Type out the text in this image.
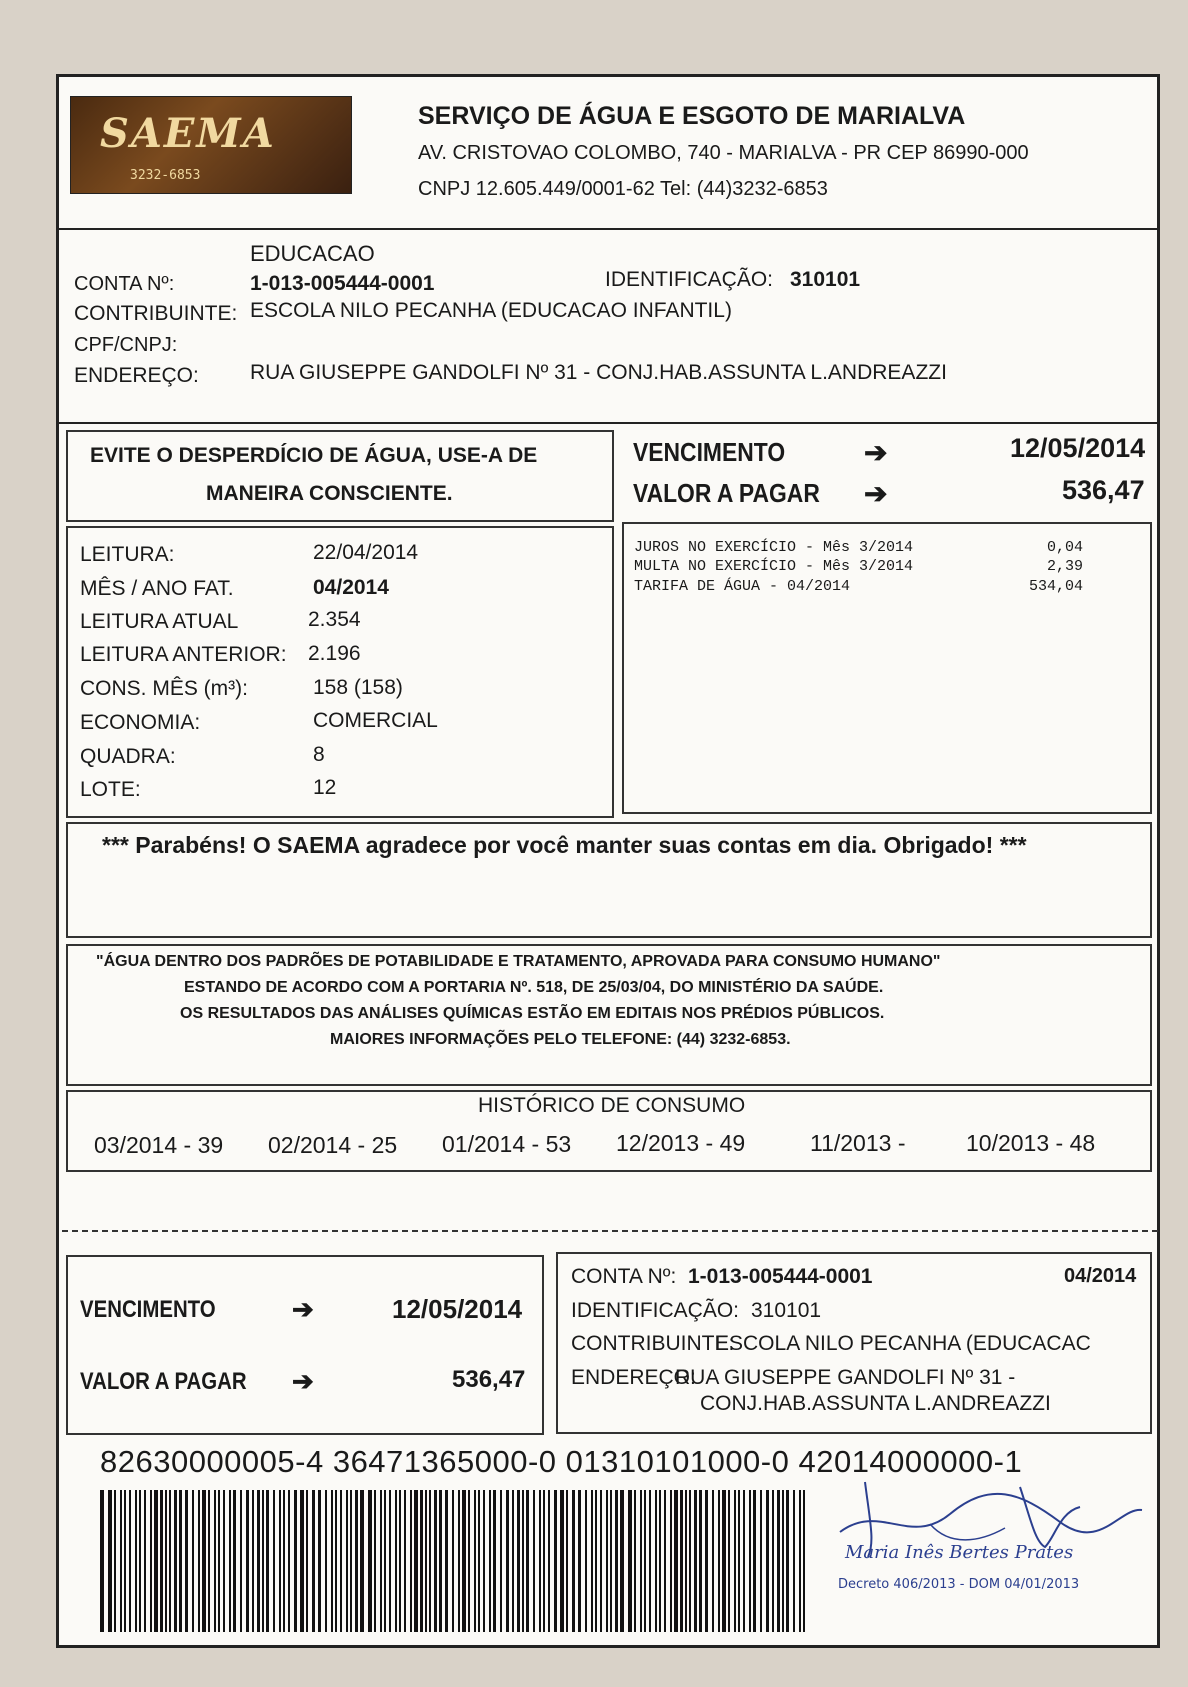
SAEMA
3232-6853
SERVIÇO DE ÁGUA E ESGOTO DE MARIALVA
AV. CRISTOVAO COLOMBO, 740 - MARIALVA - PR CEP 86990-000
CNPJ 12.605.449/0001-62 Tel: (44)3232-6853
EDUCACAO
CONTA Nº:	1-013-005444-0001	IDENTIFICAÇÃO: 310101
CONTRIBUINTE: ESCOLA NILO PECANHA (EDUCACAO INFANTIL)
CPF/CNPJ:
ENDEREÇO: RUA GIUSEPPE GANDOLFI Nº 31 - CONJ.HAB.ASSUNTA L.ANDREAZZI
EVITE O DESPERDÍCIO DE ÁGUA, USE-A DE
MANEIRA CONSCIENTE.
VENCIMENTO	➔	12/05/2014
VALOR A PAGAR ➔	536,47
LEITURA:	22/04/2014
MÊS / ANO FAT.	04/2014
LEITURA ATUAL	2.354
LEITURA ANTERIOR: 2.196
CONS. MÊS (m³):	158 (158)
ECONOMIA:	COMERCIAL
QUADRA:	8
LOTE:	12
JUROS NO EXERCÍCIO - Mês 3/2014	0,04
MULTA NO EXERCÍCIO - Mês 3/2014	2,39
TARIFA DE ÁGUA - 04/2014	534,04
*** Parabéns! O SAEMA agradece por você manter suas contas em dia. Obrigado! ***
"ÁGUA DENTRO DOS PADRÕES DE POTABILIDADE E TRATAMENTO, APROVADA PARA CONSUMO HUMANO"
ESTANDO DE ACORDO COM A PORTARIA Nº. 518, DE 25/03/04, DO MINISTÉRIO DA SAÚDE.
OS RESULTADOS DAS ANÁLISES QUÍMICAS ESTÃO EM EDITAIS NOS PRÉDIOS PÚBLICOS.
MAIORES INFORMAÇÕES PELO TELEFONE: (44) 3232-6853.
HISTÓRICO DE CONSUMO
03/2014 - 39 02/2014 - 25 01/2014 - 53 12/2013 - 49	11/2013 -	10/2013 - 48
VENCIMENTO	➔	12/05/2014
VALOR A PAGAR ➔	536,47
CONTA Nº: 1-013-005444-0001	04/2014
IDENTIFICAÇÃO: 310101
CONTRIBUINTE:
ESCOLA NILO PECANHA (EDUCACAC
ENDEREÇO:
RUA GIUSEPPE GANDOLFI Nº 31 -
CONJ.HAB.ASSUNTA L.ANDREAZZI
82630000005-4 36471365000-0 01310101000-0 42014000000-1
Maria Inês Bertes Prates
Decreto 406/2013 - DOM 04/01/2013
